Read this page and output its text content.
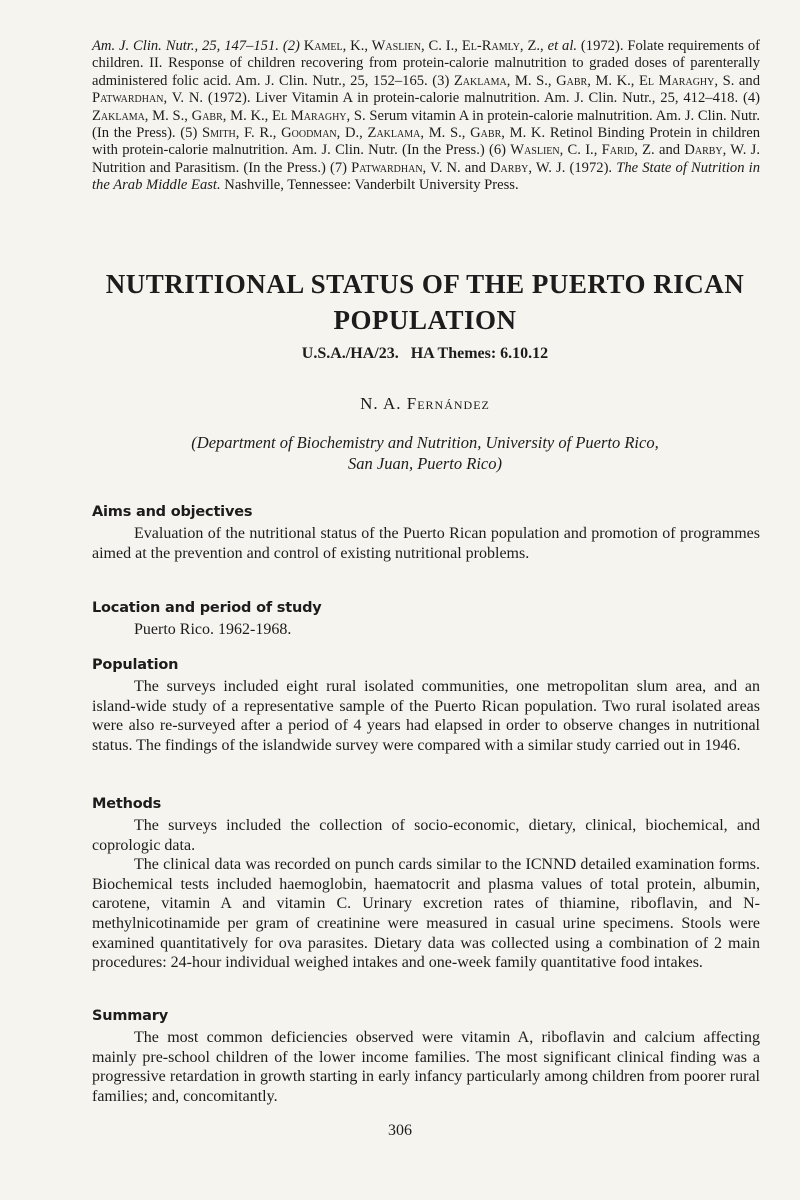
Am. J. Clin. Nutr., 25, 147–151. (2) Kamel, K., Waslien, C. I., El-Ramly, Z., et al. (1972). Folate requirements of children. II. Response of children recovering from protein-calorie malnutrition to graded doses of parenterally administered folic acid. Am. J. Clin. Nutr., 25, 152–165. (3) Zaklama, M. S., Gabr, M. K., El Maraghy, S. and Patwardhan, V. N. (1972). Liver Vitamin A in protein-calorie malnutrition. Am. J. Clin. Nutr., 25, 412–418. (4) Zaklama, M. S., Gabr, M. K., El Maraghy, S. Serum vitamin A in protein-calorie malnutrition. Am. J. Clin. Nutr. (In the Press). (5) Smith, F. R., Goodman, D., Zaklama, M. S., Gabr, M. K. Retinol Binding Protein in children with protein-calorie malnutrition. Am. J. Clin. Nutr. (In the Press.) (6) Waslien, C. I., Farid, Z. and Darby, W. J. Nutrition and Parasitism. (In the Press.) (7) Patwardhan, V. N. and Darby, W. J. (1972). The State of Nutrition in the Arab Middle East. Nashville, Tennessee: Vanderbilt University Press.

NUTRITIONAL STATUS OF THE PUERTO RICAN
POPULATION

U.S.A./HA/23.   HA Themes: 6.10.12

N. A. Fernández

(Department of Biochemistry and Nutrition, University of Puerto Rico,
San Juan, Puerto Rico)

Aims and objectives

Evaluation of the nutritional status of the Puerto Rican population and promotion of programmes aimed at the prevention and control of existing nutritional problems.

Location and period of study

Puerto Rico. 1962-1968.

Population

The surveys included eight rural isolated communities, one metropolitan slum area, and an island-wide study of a representative sample of the Puerto Rican population. Two rural isolated areas were also re-surveyed after a period of 4 years had elapsed in order to observe changes in nutritional status. The findings of the islandwide survey were compared with a similar study carried out in 1946.

Methods

The surveys included the collection of socio-economic, dietary, clinical, biochemical, and coprologic data.

The clinical data was recorded on punch cards similar to the ICNND detailed examination forms. Biochemical tests included haemoglobin, haematocrit and plasma values of total protein, albumin, carotene, vitamin A and vitamin C. Urinary excretion rates of thiamine, riboflavin, and N-methylnicotinamide per gram of creatinine were measured in casual urine specimens. Stools were examined quantitatively for ova parasites. Dietary data was collected using a combination of 2 main procedures: 24-hour individual weighed intakes and one-week family quantitative food intakes.

Summary

The most common deficiencies observed were vitamin A, riboflavin and calcium affecting mainly pre-school children of the lower income families. The most significant clinical finding was a progressive retardation in growth starting in early infancy particularly among children from poorer rural families; and, concomitantly.

306
